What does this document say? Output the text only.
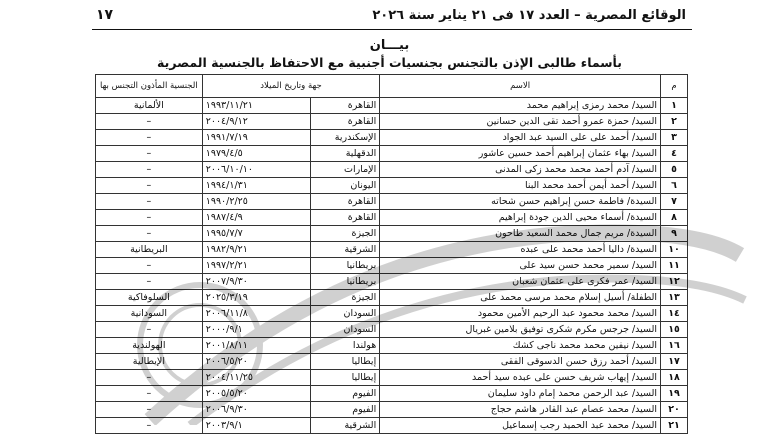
الوقائع المصرية – العدد ١٧ فى ٢١ يناير سنة ٢٠٢٦
١٧
بيـــان
بأسماء طالبى الإذن بالتجنس بجنسيات أجنبية مع الاحتفاظ بالجنسية المصرية
م	الاسم	جهة وتاريخ الميلاد		الجنسية المأذون التجنس بها
١	السيد/ محمد رمزى إبراهيم محمد	القاهرة	١٩٩٣/١١/٢١	الألمانية
٢	السيد/ حمزة عمرو أحمد تقى الدين حسانين	القاهرة	٢٠٠٤/٩/١٢	–
٣	السيد/ أحمد على على السيد عبد الجواد	الإسكندرية	١٩٩١/٧/١٩	–
٤	السيد/ بهاء عثمان إبراهيم أحمد حسين عاشور	الدقهلية	١٩٧٩/٤/٥	–
٥	السيد/ آدم أحمد محمد محمد زكى المدنى	الإمارات	٢٠٠٦/١٠/١٠	–
٦	السيد/ أحمد أيمن أحمد محمد البنا	اليونان	١٩٩٤/١/٣١	–
٧	السيدة/ فاطمة حسن إبراهيم حسن شحاته	القاهرة	١٩٩٠/٢/٢٥	–
٨	السيدة/ أسماء محيى الدين جودة إبراهيم	القاهرة	١٩٨٧/٤/٩	–
٩	السيدة/ مريم جمال محمد السعيد طاحون	الجيزة	١٩٩٥/٧/٧	–
١٠	السيدة/ داليا أحمد محمد على عبده	الشرقية	١٩٨٢/٩/٢١	البريطانية
١١	السيد/ سمير محمد حسن سيد على	بريطانيا	١٩٩٧/٢/٢١	–
١٢	السيد/ عمر فكرى على عثمان شعبان	بريطانيا	٢٠٠٧/٩/٣٠	–
١٣	الطفلة/ أسيل إسلام محمد مرسى محمد على	الجيزة	٢٠٢٥/٣/١٩	السلوفاكية
١٤	السيد/ محمد محمود عبد الرحيم الأمين محمود	السودان	٢٠٠٦/١١/٨	السودانية
١٥	السيد/ جرجس مكرم شكرى توفيق بلامين غبريال	السودان	٢٠٠٠/٩/١	–
١٦	السيد/ نيفين محمد محمد ناجى كشك	هولندا	٢٠٠١/٨/١١	الهولندية
١٧	السيد/ أحمد رزق حسن الدسوقى الفقى	إيطاليا	٢٠٠٦/٥/٢٠	الإيطالية
١٨	السيد/ إيهاب شريف حسن على عبده سيد أحمد	إيطاليا	٢٠٠٤/١١/٢٥	–
١٩	السيد/ عبد الرحمن محمد إمام داود سليمان	الفيوم	٢٠٠٥/٥/٢٠	–
٢٠	السيد/ محمد عصام عبد القادر هاشم حجاج	الفيوم	٢٠٠٦/٩/٣٠	–
٢١	السيد/ محمد عبد الحميد رجب إسماعيل	الشرقية	٢٠٠٣/٩/١	–
